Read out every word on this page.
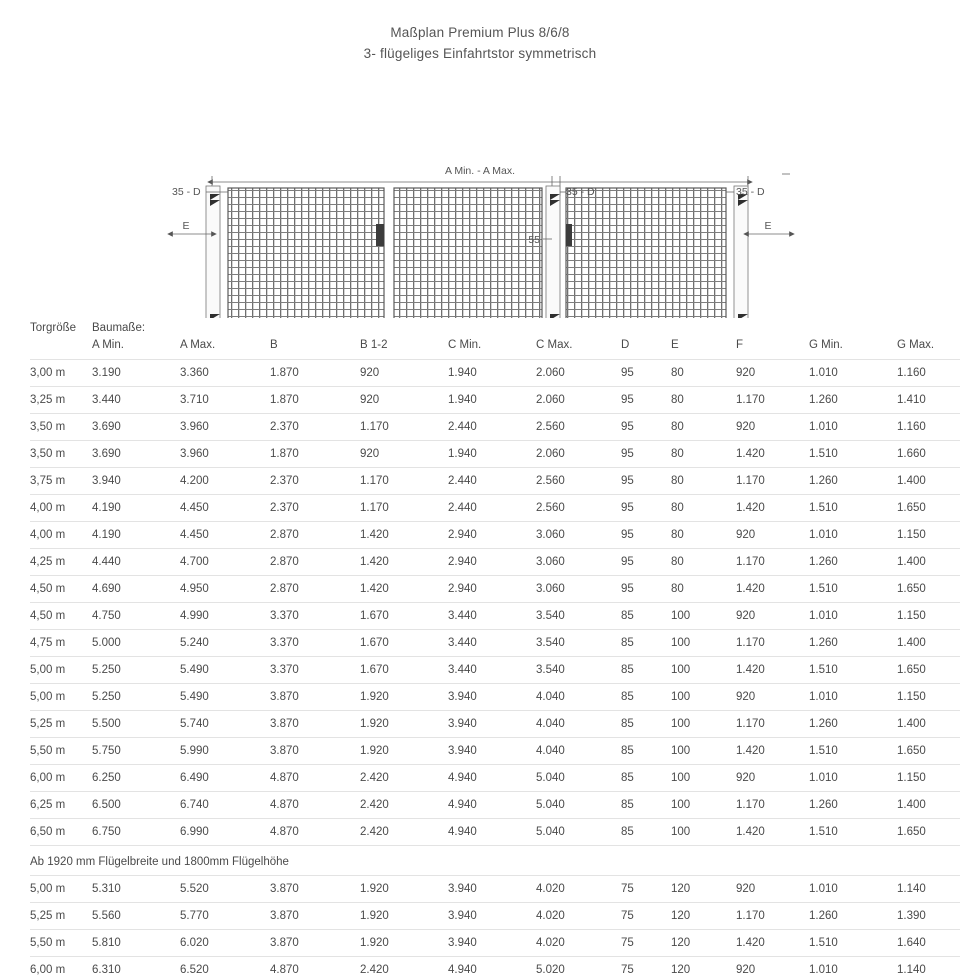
Maßplan Premium Plus 8/6/8
3- flügeliges Einfahrtstor symmetrisch
A Min. - A Max.
35 - D	35 - D	35 - D
E	E
55
Torgröße	Baumaße:										
	A Min.	A Max.	B	B 1-2	C Min.	C Max.	D	E	F	G Min.	G Max.
3,00 m	3.190	3.360	1.870	920	1.940	2.060	95	80	920	1.010	1.160
3,25 m	3.440	3.710	1.870	920	1.940	2.060	95	80	1.170	1.260	1.410
3,50 m	3.690	3.960	2.370	1.170	2.440	2.560	95	80	920	1.010	1.160
3,50 m	3.690	3.960	1.870	920	1.940	2.060	95	80	1.420	1.510	1.660
3,75 m	3.940	4.200	2.370	1.170	2.440	2.560	95	80	1.170	1.260	1.400
4,00 m	4.190	4.450	2.370	1.170	2.440	2.560	95	80	1.420	1.510	1.650
4,00 m	4.190	4.450	2.870	1.420	2.940	3.060	95	80	920	1.010	1.150
4,25 m	4.440	4.700	2.870	1.420	2.940	3.060	95	80	1.170	1.260	1.400
4,50 m	4.690	4.950	2.870	1.420	2.940	3.060	95	80	1.420	1.510	1.650
4,50 m	4.750	4.990	3.370	1.670	3.440	3.540	85	100	920	1.010	1.150
4,75 m	5.000	5.240	3.370	1.670	3.440	3.540	85	100	1.170	1.260	1.400
5,00 m	5.250	5.490	3.370	1.670	3.440	3.540	85	100	1.420	1.510	1.650
5,00 m	5.250	5.490	3.870	1.920	3.940	4.040	85	100	920	1.010	1.150
5,25 m	5.500	5.740	3.870	1.920	3.940	4.040	85	100	1.170	1.260	1.400
5,50 m	5.750	5.990	3.870	1.920	3.940	4.040	85	100	1.420	1.510	1.650
6,00 m	6.250	6.490	4.870	2.420	4.940	5.040	85	100	920	1.010	1.150
6,25 m	6.500	6.740	4.870	2.420	4.940	5.040	85	100	1.170	1.260	1.400
6,50 m	6.750	6.990	4.870	2.420	4.940	5.040	85	100	1.420	1.510	1.650
Ab 1920 mm Flügelbreite und 1800mm Flügelhöhe											
5,00 m	5.310	5.520	3.870	1.920	3.940	4.020	75	120	920	1.010	1.140
5,25 m	5.560	5.770	3.870	1.920	3.940	4.020	75	120	1.170	1.260	1.390
5,50 m	5.810	6.020	3.870	1.920	3.940	4.020	75	120	1.420	1.510	1.640
6,00 m	6.310	6.520	4.870	2.420	4.940	5.020	75	120	920	1.010	1.140
